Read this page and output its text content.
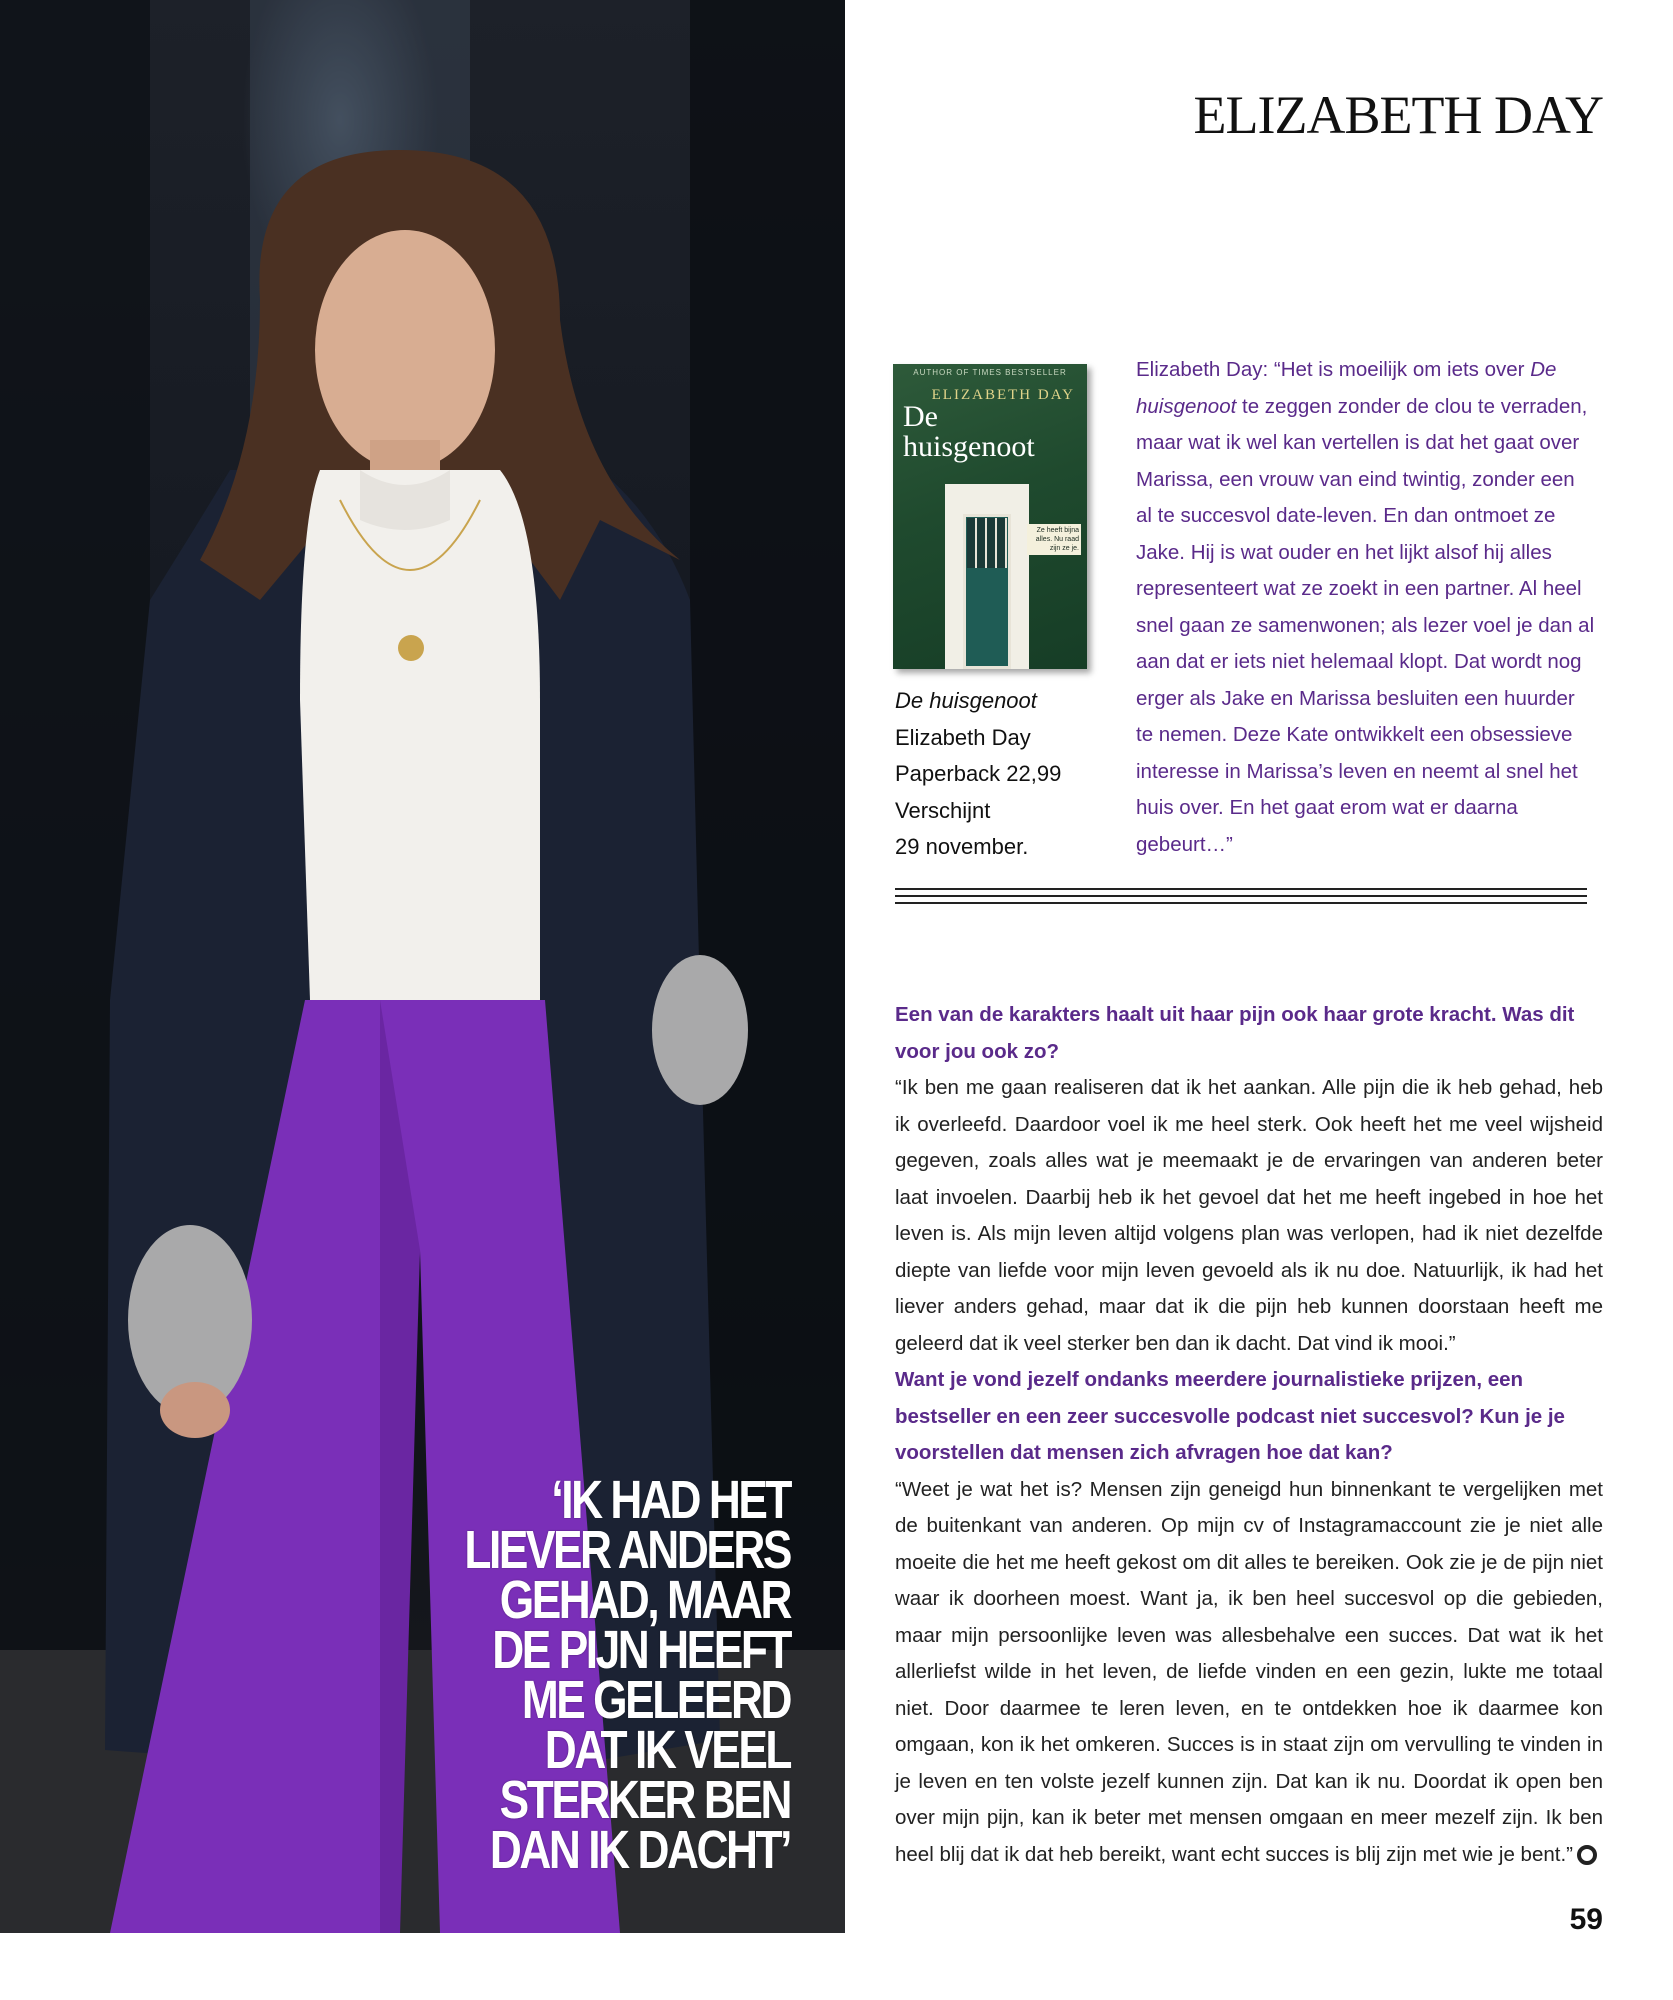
‘IK HAD HET LIEVER ANDERS GEHAD, MAAR DE PIJN HEEFT ME GELEERD DAT IK VEEL STERKER BEN DAN IK DACHT’
ELIZABETH DAY
AUTHOR OF TIMES BESTSELLER
ELIZABETH DAY
De
huisgenoot
Ze heeft bijna alles. Nu raad zijn ze je.
De huisgenoot
Elizabeth Day
Paperback 22,99
Verschijnt
29 november.
Elizabeth Day: “Het is moeilijk om iets over De huisgenoot te zeggen zonder de clou te verraden, maar wat ik wel kan vertellen is dat het gaat over Marissa, een vrouw van eind twintig, zonder een al te succesvol date-leven. En dan ontmoet ze Jake. Hij is wat ouder en het lijkt alsof hij alles representeert wat ze zoekt in een partner. Al heel snel gaan ze samenwonen; als lezer voel je dan al aan dat er iets niet helemaal klopt. Dat wordt nog erger als Jake en Marissa besluiten een huurder te nemen. Deze Kate ontwikkelt een obsessieve interesse in Marissa’s leven en neemt al snel het huis over. En het gaat erom wat er daarna gebeurt…”

Een van de karakters haalt uit haar pijn ook haar grote kracht. Was dit voor jou ook zo?

“Ik ben me gaan realiseren dat ik het aankan. Alle pijn die ik heb gehad, heb ik overleefd. Daardoor voel ik me heel sterk. Ook heeft het me veel wijsheid gegeven, zoals alles wat je meemaakt je de ervaringen van anderen beter laat invoelen. Daarbij heb ik het gevoel dat het me heeft ingebed in hoe het leven is. Als mijn leven altijd volgens plan was verlopen, had ik niet dezelfde diepte van liefde voor mijn leven gevoeld als ik nu doe. Natuurlijk, ik had het liever anders gehad, maar dat ik die pijn heb kunnen doorstaan heeft me geleerd dat ik veel sterker ben dan ik dacht. Dat vind ik mooi.”

Want je vond jezelf ondanks meerdere journalistieke prijzen, een bestseller en een zeer succesvolle podcast niet succesvol? Kun je je voorstellen dat mensen zich afvragen hoe dat kan?

“Weet je wat het is? Mensen zijn geneigd hun binnenkant te vergelijken met de buitenkant van anderen. Op mijn cv of Instagramaccount zie je niet alle moeite die het me heeft gekost om dit alles te bereiken. Ook zie je de pijn niet waar ik doorheen moest. Want ja, ik ben heel succesvol op die gebieden, maar mijn persoonlijke leven was allesbehalve een succes. Dat wat ik het allerliefst wilde in het leven, de liefde vinden en een gezin, lukte me totaal niet. Door daarmee te leren leven, en te ontdekken hoe ik daarmee kon omgaan, kon ik het omkeren. Succes is in staat zijn om vervulling te vinden in je leven en ten volste jezelf kunnen zijn. Dat kan ik nu. Doordat ik open ben over mijn pijn, kan ik beter met mensen omgaan en meer mezelf zijn. Ik ben heel blij dat ik dat heb bereikt, want echt succes is blij zijn met wie je bent.”

59
